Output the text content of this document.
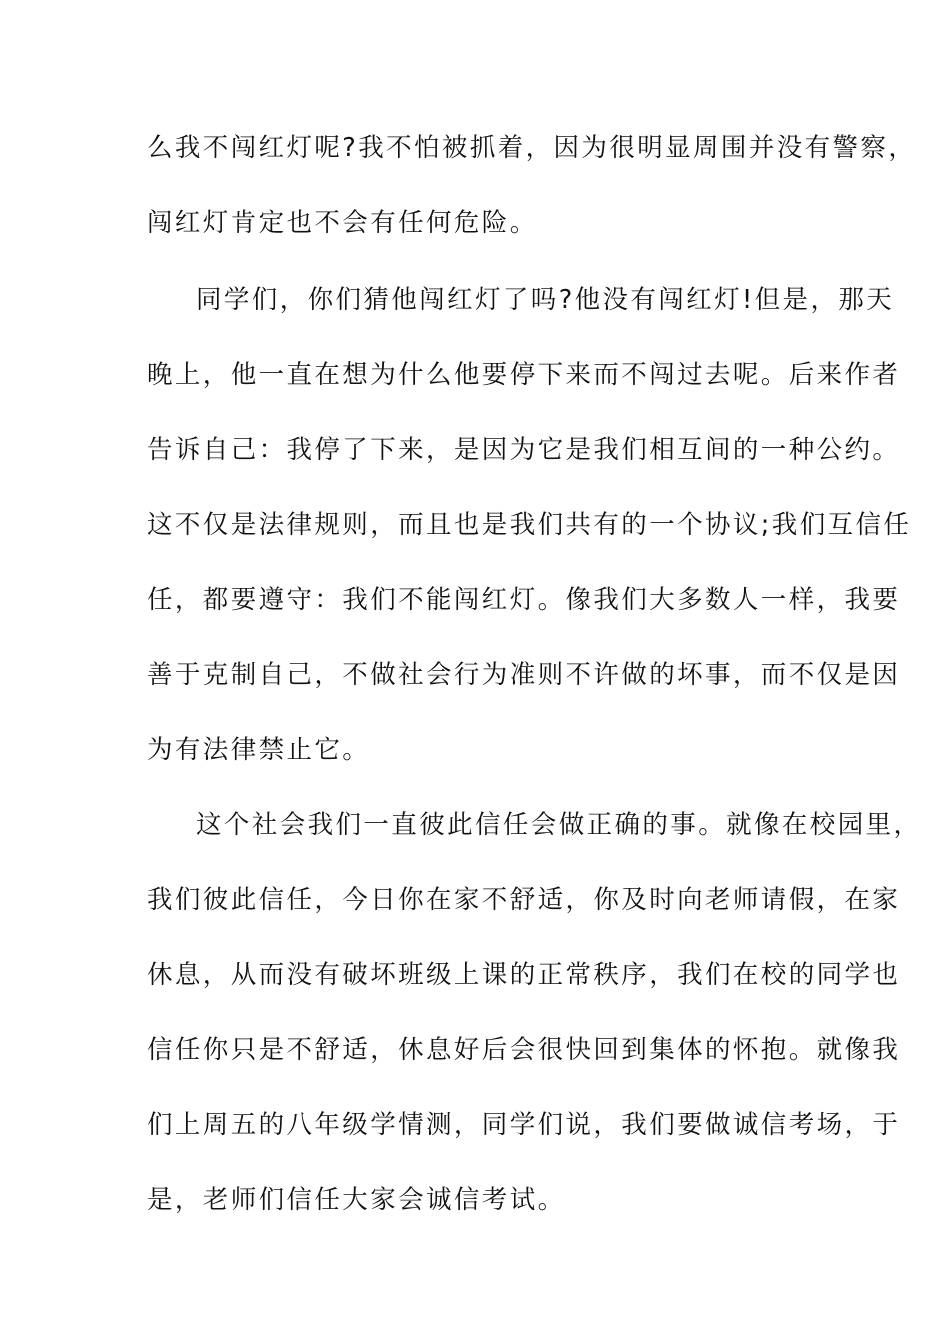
么我不闯红灯呢?我不怕被抓着，因为很明显周围并没有警察，
闯红灯肯定也不会有任何危险。
同学们，你们猜他闯红灯了吗?他没有闯红灯!但是，那天
晚上，他一直在想为什么他要停下来而不闯过去呢。后来作者
告诉自己：我停了下来，是因为它是我们相互间的一种公约。
这不仅是法律规则，而且也是我们共有的一个协议;我们互信任
任，都要遵守：我们不能闯红灯。像我们大多数人一样，我要
善于克制自己，不做社会行为准则不许做的坏事，而不仅是因
为有法律禁止它。
这个社会我们一直彼此信任会做正确的事。就像在校园里，
我们彼此信任，今日你在家不舒适，你及时向老师请假，在家
休息，从而没有破坏班级上课的正常秩序，我们在校的同学也
信任你只是不舒适，休息好后会很快回到集体的怀抱。就像我
们上周五的八年级学情测，同学们说，我们要做诚信考场，于
是，老师们信任大家会诚信考试。
